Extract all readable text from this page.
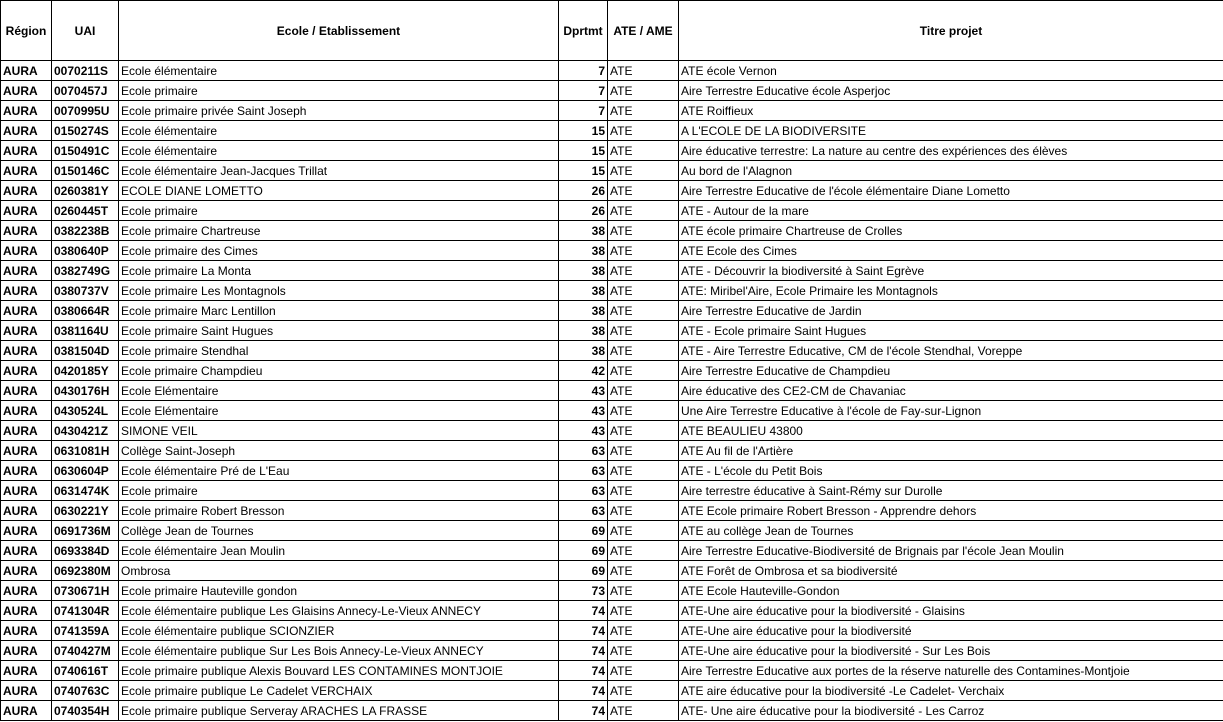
Région	UAI	Ecole / Etablissement	Dprtmt	ATE / AME	Titre projet
AURA	0070211S	Ecole élémentaire	7	ATE	ATE école Vernon
AURA	0070457J	Ecole primaire	7	ATE	Aire Terrestre Educative école Asperjoc
AURA	0070995U	Ecole primaire privée Saint Joseph	7	ATE	ATE Roiffieux
AURA	0150274S	Ecole élémentaire	15	ATE	A L'ECOLE DE LA BIODIVERSITE
AURA	0150491C	Ecole élémentaire	15	ATE	Aire éducative terrestre: La nature au centre des expériences des élèves
AURA	0150146C	Ecole élémentaire Jean-Jacques Trillat	15	ATE	Au bord de l'Alagnon
AURA	0260381Y	ECOLE DIANE LOMETTO	26	ATE	Aire Terrestre Educative de l'école élémentaire Diane Lometto
AURA	0260445T	Ecole primaire	26	ATE	ATE - Autour de la mare
AURA	0382238B	Ecole primaire Chartreuse	38	ATE	ATE école primaire Chartreuse de Crolles
AURA	0380640P	Ecole primaire des Cimes	38	ATE	ATE Ecole des Cimes
AURA	0382749G	Ecole primaire La Monta	38	ATE	ATE - Découvrir la biodiversité à Saint Egrève
AURA	0380737V	Ecole primaire Les Montagnols	38	ATE	ATE: Miribel'Aire, Ecole Primaire les Montagnols
AURA	0380664R	Ecole primaire Marc Lentillon	38	ATE	Aire Terrestre Educative de Jardin
AURA	0381164U	Ecole primaire Saint Hugues	38	ATE	ATE - Ecole primaire Saint Hugues
AURA	0381504D	Ecole primaire Stendhal	38	ATE	ATE - Aire Terrestre Educative, CM de l'école Stendhal, Voreppe
AURA	0420185Y	Ecole primaire Champdieu	42	ATE	Aire Terrestre Educative de Champdieu
AURA	0430176H	Ecole Elémentaire	43	ATE	Aire éducative des CE2-CM de Chavaniac
AURA	0430524L	Ecole Elémentaire	43	ATE	Une Aire Terrestre Educative à l'école de Fay-sur-Lignon
AURA	0430421Z	SIMONE VEIL	43	ATE	ATE BEAULIEU 43800
AURA	0631081H	Collège Saint-Joseph	63	ATE	ATE Au fil de l'Artière
AURA	0630604P	Ecole élémentaire Pré de L'Eau	63	ATE	ATE - L'école du Petit Bois
AURA	0631474K	Ecole primaire	63	ATE	Aire terrestre éducative à Saint-Rémy sur Durolle
AURA	0630221Y	Ecole primaire Robert Bresson	63	ATE	ATE Ecole primaire Robert Bresson - Apprendre dehors
AURA	0691736M	Collège Jean de Tournes	69	ATE	ATE au collège Jean de Tournes
AURA	0693384D	Ecole élémentaire Jean Moulin	69	ATE	Aire Terrestre Educative-Biodiversité de Brignais par l'école Jean Moulin
AURA	0692380M	Ombrosa	69	ATE	ATE Forêt de Ombrosa et sa biodiversité
AURA	0730671H	Ecole primaire Hauteville gondon	73	ATE	ATE Ecole Hauteville-Gondon
AURA	0741304R	Ecole élémentaire publique Les Glaisins Annecy-Le-Vieux ANNECY	74	ATE	ATE-Une aire éducative pour la biodiversité - Glaisins
AURA	0741359A	Ecole élémentaire publique SCIONZIER	74	ATE	ATE-Une aire éducative pour la biodiversité
AURA	0740427M	Ecole élémentaire publique Sur Les Bois Annecy-Le-Vieux ANNECY	74	ATE	ATE-Une aire éducative pour la biodiversité - Sur Les Bois
AURA	0740616T	Ecole primaire publique Alexis Bouvard LES CONTAMINES MONTJOIE	74	ATE	Aire Terrestre Educative aux portes de la réserve naturelle des Contamines-Montjoie
AURA	0740763C	Ecole primaire publique Le Cadelet VERCHAIX	74	ATE	ATE aire éducative pour la biodiversité -Le Cadelet- Verchaix
AURA	0740354H	Ecole primaire publique Serveray ARACHES LA FRASSE	74	ATE	ATE- Une aire éducative pour la biodiversité - Les Carroz
